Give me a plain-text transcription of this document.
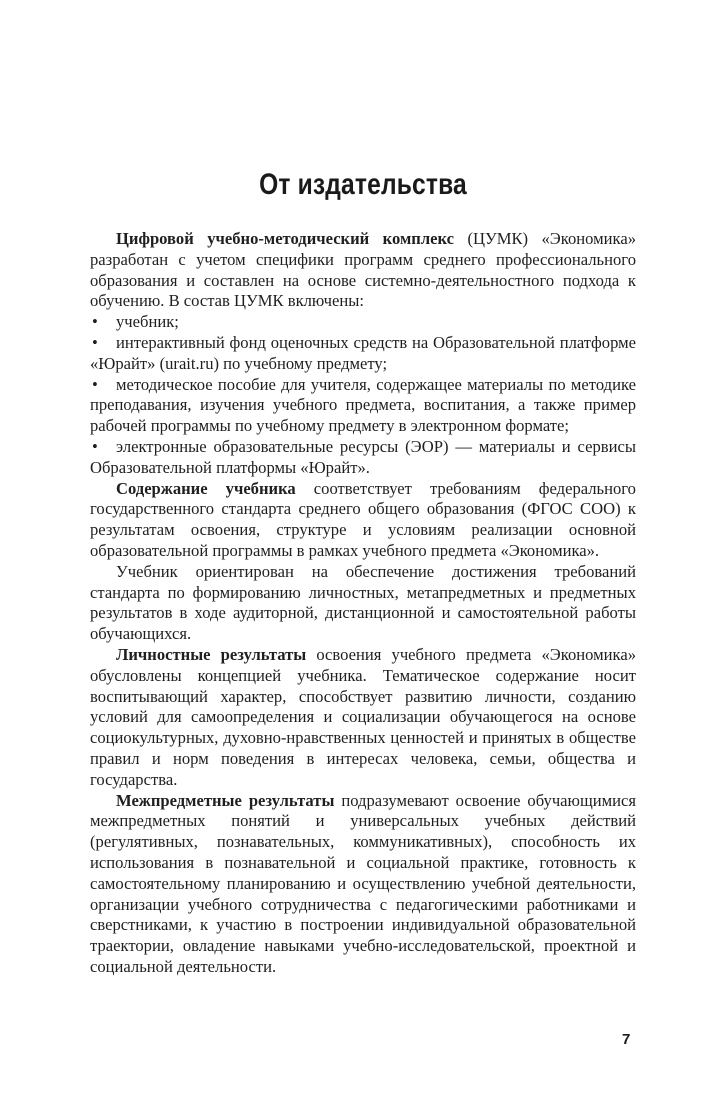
От издательства

Цифровой учебно-методический комплекс (ЦУМК) «Экономика» разработан с учетом специфики программ среднего профессионального образования и составлен на основе системно-деятельностного подхода к обучению. В состав ЦУМК включены:

• учебник;

• интерактивный фонд оценочных средств на Образовательной платформе «Юрайт» (urait.ru) по учебному предмету;

• методическое пособие для учителя, содержащее материалы по методике преподавания, изучения учебного предмета, воспитания, а также пример рабочей программы по учебному предмету в электронном формате;

• электронные образовательные ресурсы (ЭОР) — материалы и сервисы Образовательной платформы «Юрайт».

Содержание учебника соответствует требованиям федерального государственного стандарта среднего общего образования (ФГОС СОО) к результатам освоения, структуре и условиям реализации основной образовательной программы в рамках учебного предмета «Экономика».

Учебник ориентирован на обеспечение достижения требований стандарта по формированию личностных, метапредметных и предметных результатов в ходе аудиторной, дистанционной и самостоятельной работы обучающихся.

Личностные результаты освоения учебного предмета «Экономика» обусловлены концепцией учебника. Тематическое содержание носит воспитывающий характер, способствует развитию личности, созданию условий для самоопределения и социализации обучающегося на основе социокультурных, духовно-нравственных ценностей и принятых в обществе правил и норм поведения в интересах человека, семьи, общества и государства.

Межпредметные результаты подразумевают освоение обучающимися межпредметных понятий и универсальных учебных действий (регулятивных, познавательных, коммуникативных), способность их использования в познавательной и социальной практике, готовность к самостоятельному планированию и осуществлению учебной деятельности, организации учебного сотрудничества с педагогическими работниками и сверстниками, к участию в построении индивидуальной образовательной траектории, овладение навыками учебно-исследовательской, проектной и социальной деятельности.

7
